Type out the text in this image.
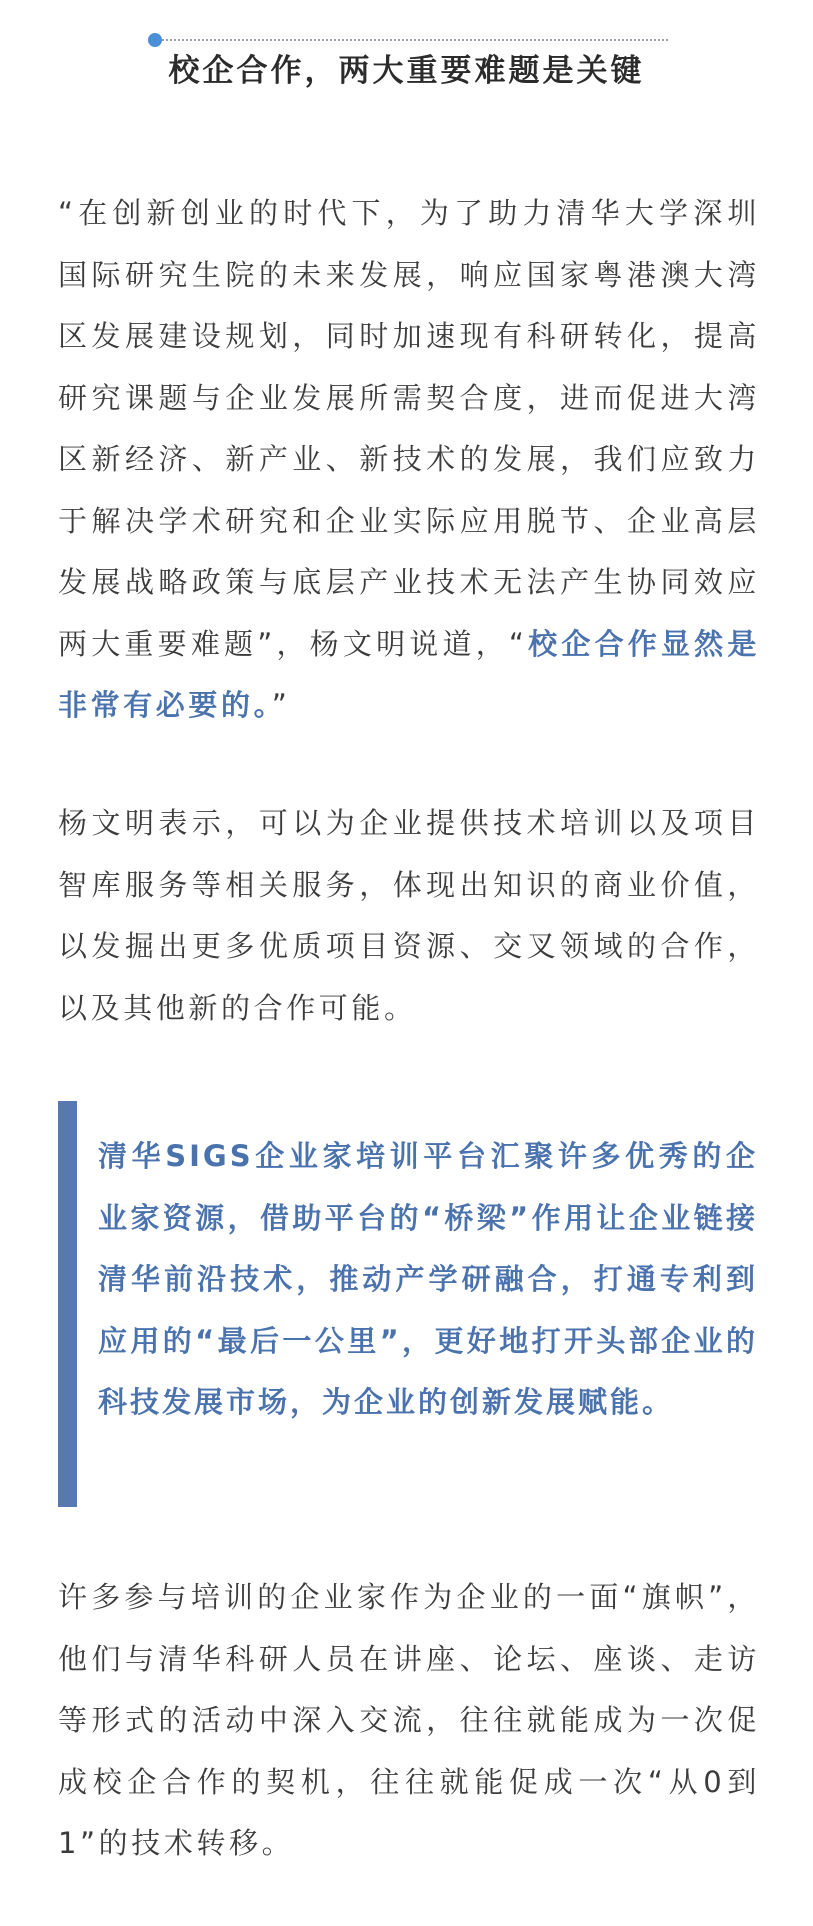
校企合作，两大重要难题是关键

“在创新创业的时代下，为了助力清华大学深圳国际研究生院的未来发展，响应国家粤港澳大湾区发展建设规划，同时加速现有科研转化，提高研究课题与企业发展所需契合度，进而促进大湾区新经济、新产业、新技术的发展，我们应致力于解决学术研究和企业实际应用脱节、企业高层发展战略政策与底层产业技术无法产生协同效应两大重要难题”，杨文明说道，“校企合作显然是非常有必要的。”

杨文明表示，可以为企业提供技术培训以及项目智库服务等相关服务，体现出知识的商业价值，以发掘出更多优质项目资源、交叉领域的合作，以及其他新的合作可能。

清华SIGS企业家培训平台汇聚许多优秀的企业家资源，借助平台的“桥梁”作用让企业链接清华前沿技术，推动产学研融合，打通专利到应用的“最后一公里”，更好地打开头部企业的科技发展市场，为企业的创新发展赋能。

许多参与培训的企业家作为企业的一面“旗帜”，他们与清华科研人员在讲座、论坛、座谈、走访等形式的活动中深入交流，往往就能成为一次促成校企合作的契机，往往就能促成一次“从0到1”的技术转移。
